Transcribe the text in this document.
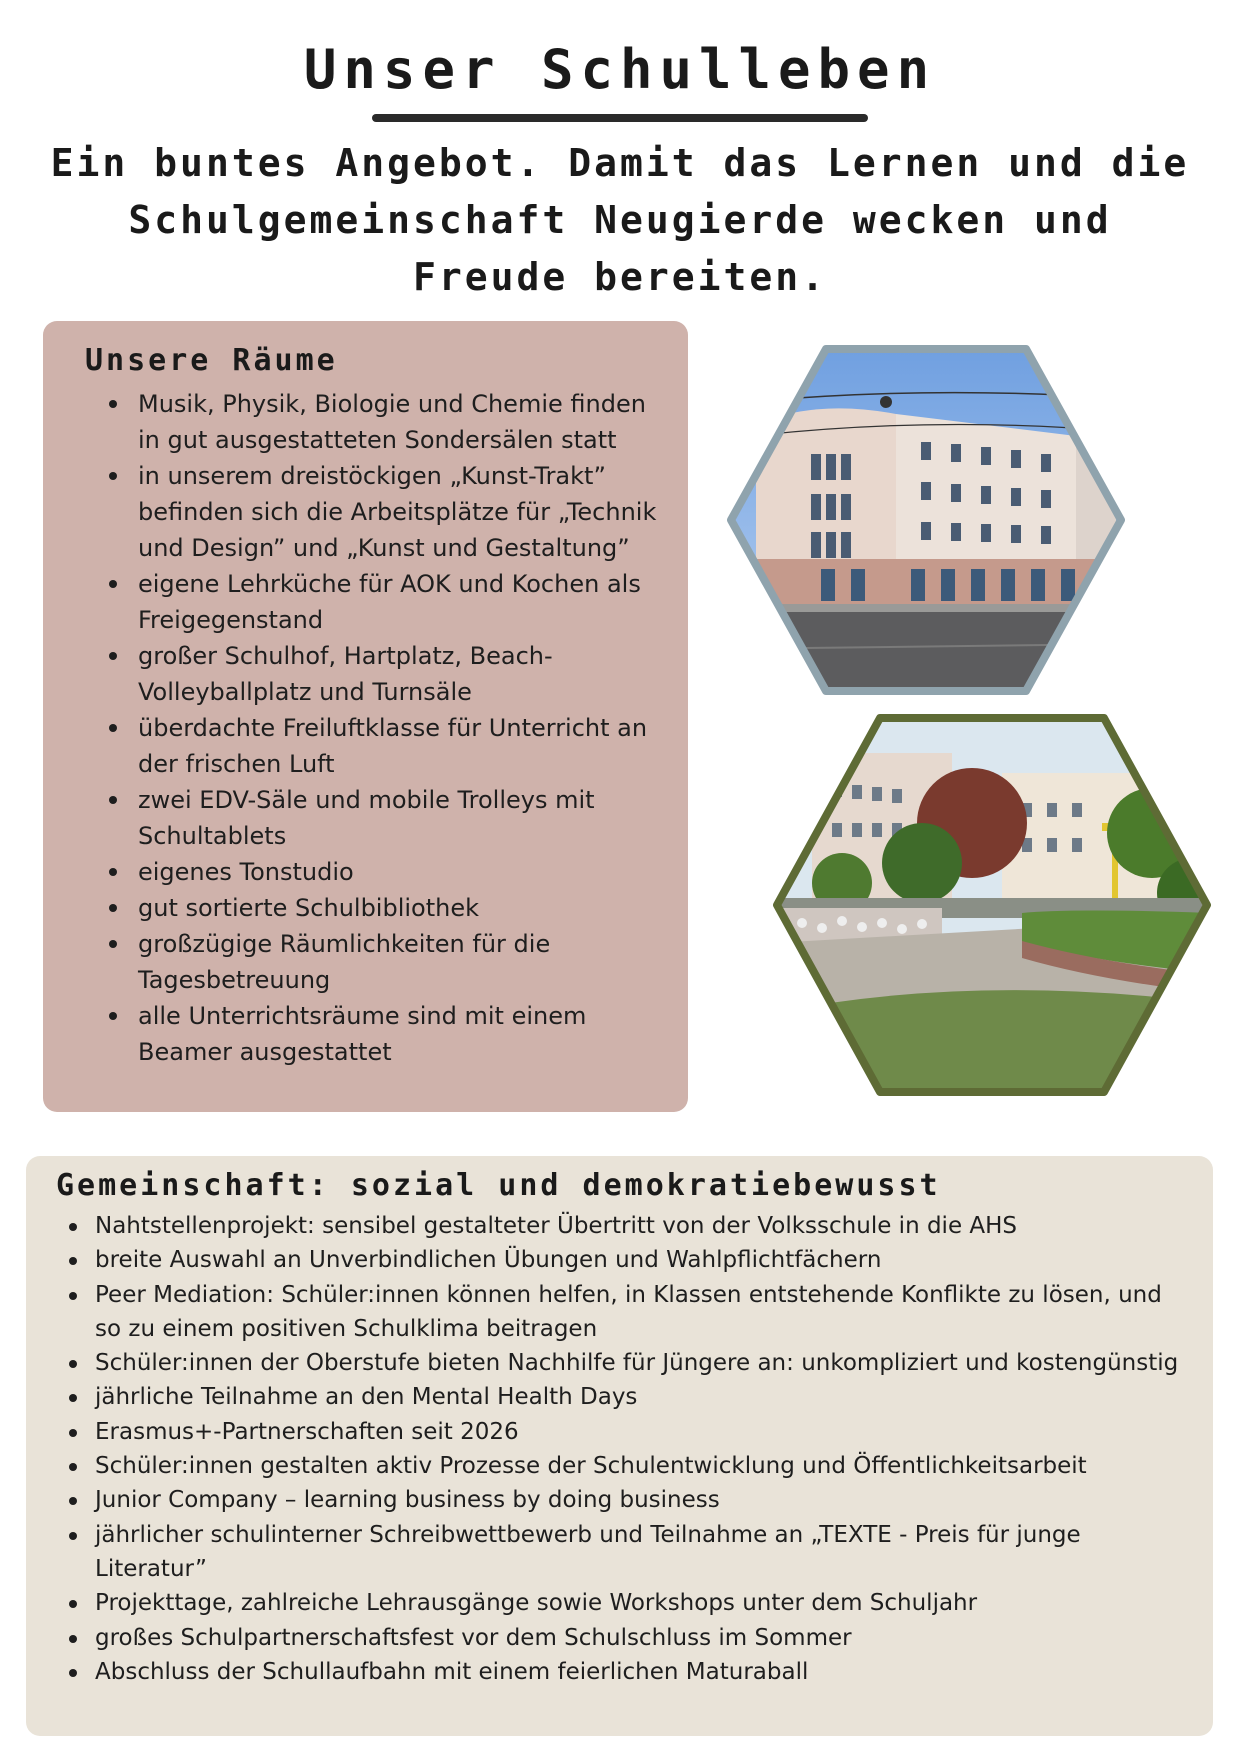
Unser Schulleben

Ein buntes Angebot. Damit das Lernen und die Schulgemeinschaft Neugierde wecken und Freude bereiten.

Unsere Räume
Musik, Physik, Biologie und Chemie finden in gut ausgestatteten Sondersälen statt
in unserem dreistöckigen „Kunst-Trakt” befinden sich die Arbeitsplätze für „Technik und Design” und „Kunst und Gestaltung”
eigene Lehrküche für AOK und Kochen als Freigegenstand
großer Schulhof, Hartplatz, Beach-Volleyballplatz und Turnsäle
überdachte Freiluftklasse für Unterricht an der frischen Luft
zwei EDV-Säle und mobile Trolleys mit Schultablets
eigenes Tonstudio
gut sortierte Schulbibliothek
großzügige Räumlichkeiten für die Tagesbetreuung
alle Unterrichtsräume sind mit einem Beamer ausgestattet
Gemeinschaft: sozial und demokratiebewusst
Nahtstellenprojekt: sensibel gestalteter Übertritt von der Volksschule in die AHS
breite Auswahl an Unverbindlichen Übungen und Wahlpflichtfächern
Peer Mediation: Schüler:innen können helfen, in Klassen entstehende Konflikte zu lösen, und so zu einem positiven Schulklima beitragen
Schüler:innen der Oberstufe bieten Nachhilfe für Jüngere an: unkompliziert und kostengünstig
jährliche Teilnahme an den Mental Health Days
Erasmus+-Partnerschaften seit 2026
Schüler:innen gestalten aktiv Prozesse der Schulentwicklung und Öffentlichkeitsarbeit
Junior Company – learning business by doing business
jährlicher schulinterner Schreibwettbewerb und Teilnahme an „TEXTE - Preis für junge Literatur”
Projekttage, zahlreiche Lehrausgänge sowie Workshops unter dem Schuljahr
großes Schulpartnerschaftsfest vor dem Schulschluss im Sommer
Abschluss der Schullaufbahn mit einem feierlichen Maturaball
